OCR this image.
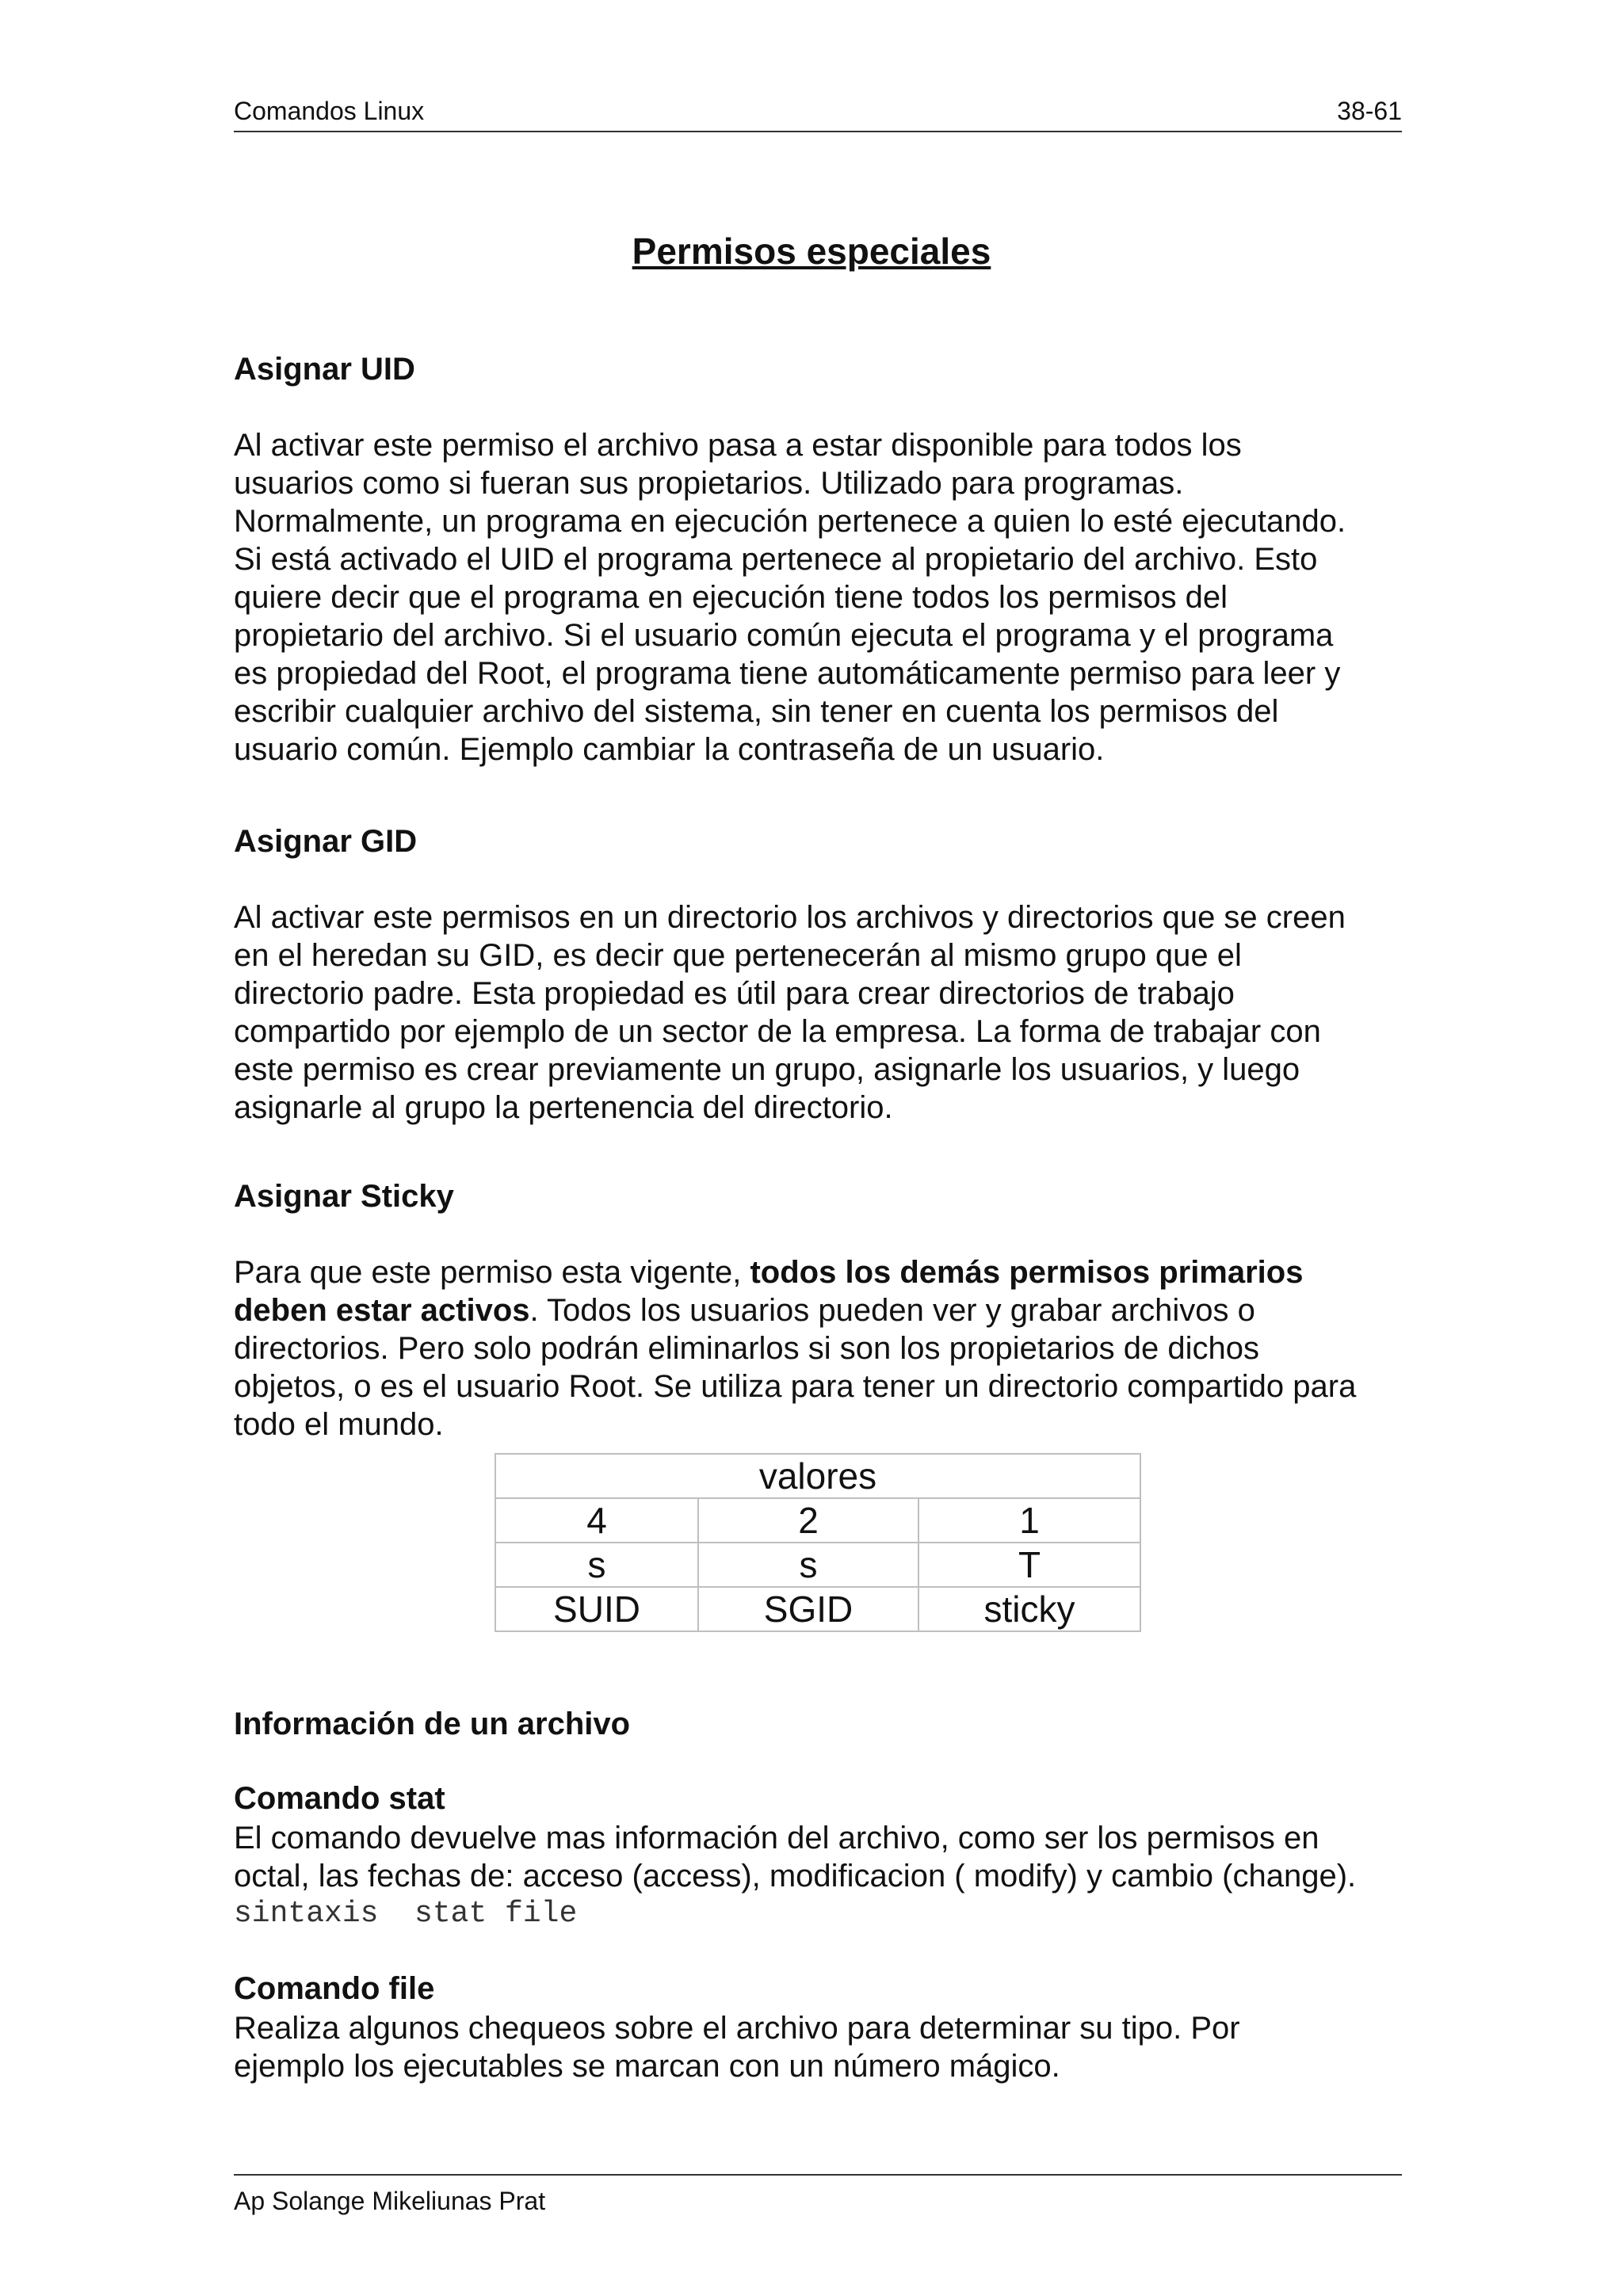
Comandos Linux	38-61
Permisos especiales
Asignar UID
Al activar este permiso el archivo pasa a estar disponible para todos los
usuarios como si fueran sus propietarios. Utilizado para programas.
Normalmente, un programa en ejecución pertenece a quien lo esté ejecutando.
Si está activado el UID el programa pertenece al propietario del archivo. Esto
quiere decir que el programa en ejecución tiene todos los permisos del
propietario del archivo. Si el usuario común ejecuta el programa y el programa
es propiedad del Root, el programa tiene automáticamente permiso para leer y
escribir cualquier archivo del sistema, sin tener en cuenta los permisos del
usuario común. Ejemplo cambiar la contraseña de un usuario.
Asignar GID
Al activar este permisos en un directorio los archivos y directorios que se creen
en el heredan su GID, es decir que pertenecerán al mismo grupo que el
directorio padre. Esta propiedad es útil para crear directorios de trabajo
compartido por ejemplo de un sector de la empresa. La forma de trabajar con
este permiso es crear previamente un grupo, asignarle los usuarios, y luego
asignarle al grupo la pertenencia del directorio.
Asignar Sticky
Para que este permiso esta vigente, todos los demás permisos primarios
deben estar activos. Todos los usuarios pueden ver y grabar archivos o
directorios. Pero solo podrán eliminarlos si son los propietarios de dichos
objetos, o es el usuario Root. Se utiliza para tener un directorio compartido para
todo el mundo.
valores		
4	2	1
s	s	T
SUID	SGID	sticky
Información de un archivo
Comando stat
El comando devuelve mas información del archivo, como ser los permisos en
octal, las fechas de: acceso (access), modificacion ( modify) y cambio (change).
sintaxis  stat file
Comando file
Realiza algunos chequeos sobre el archivo para determinar su tipo. Por
ejemplo los ejecutables se marcan con un número mágico.
Ap Solange Mikeliunas Prat
